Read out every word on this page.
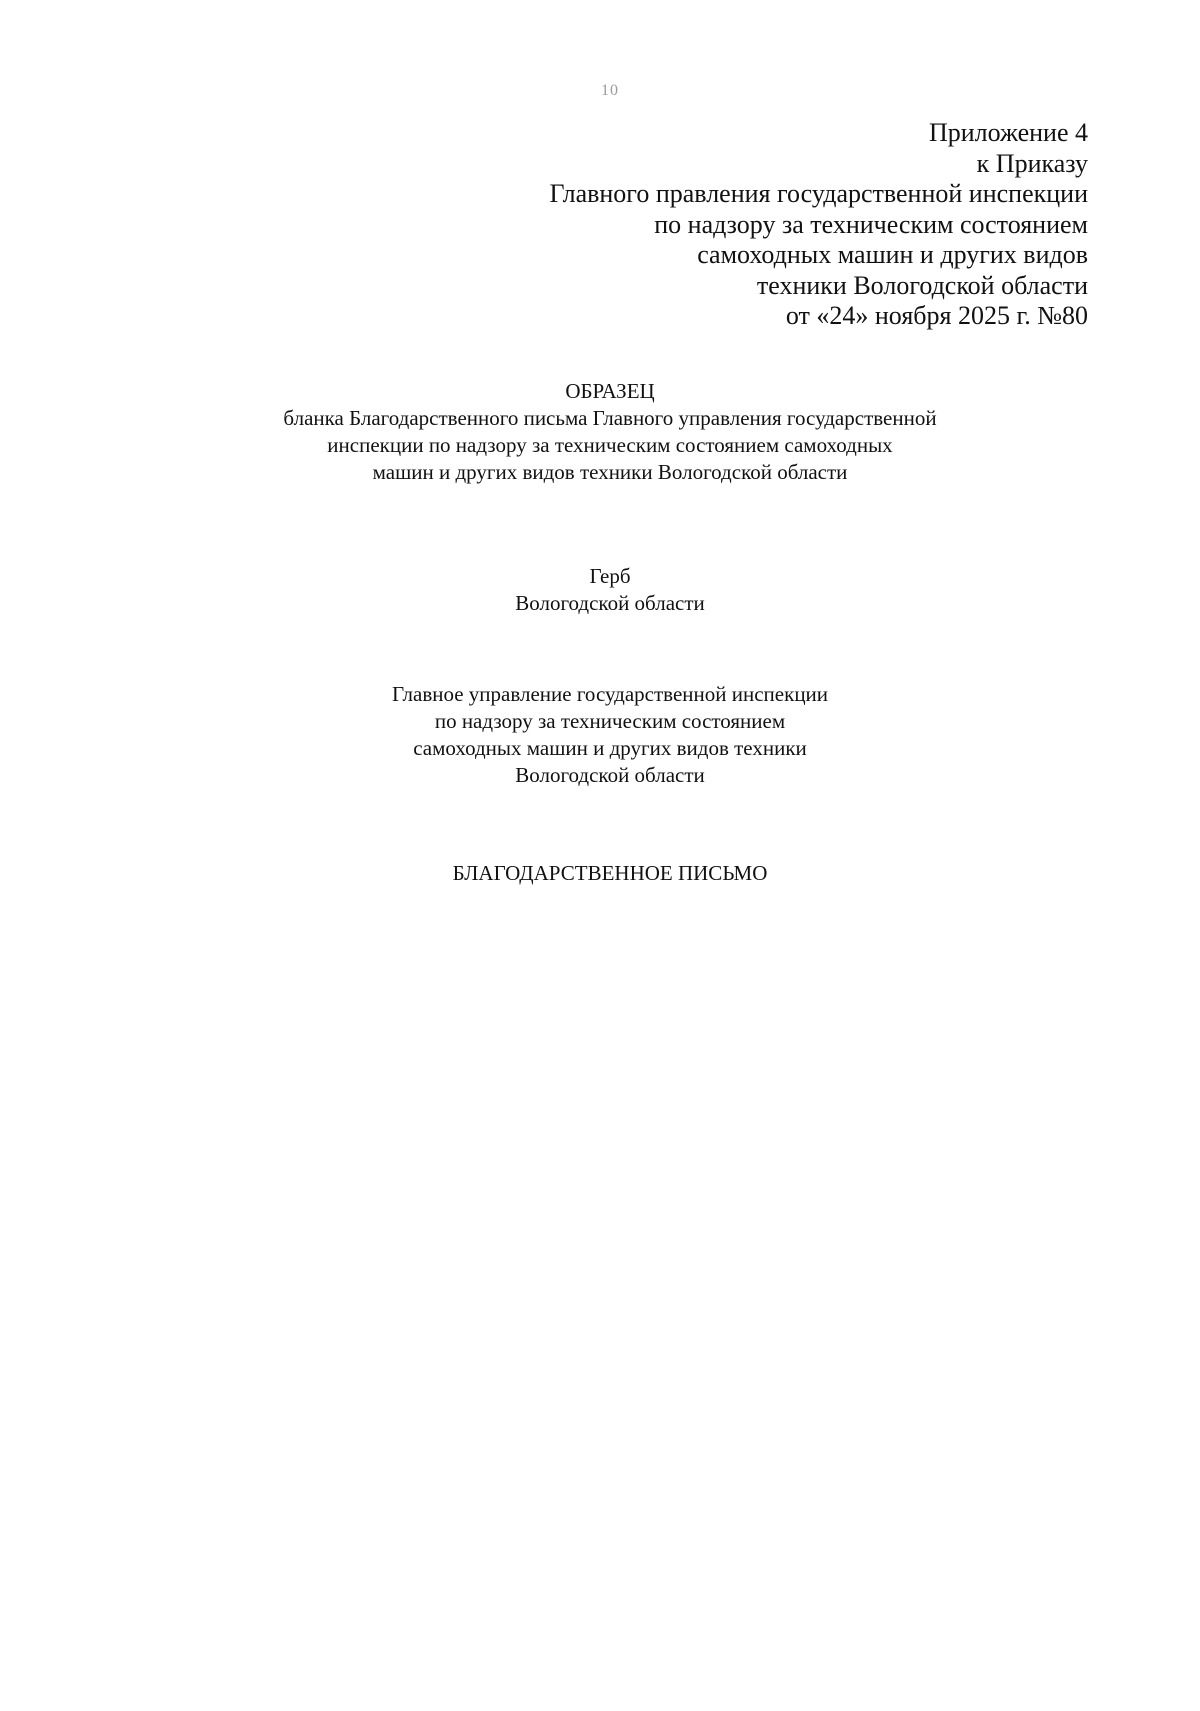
10
Приложение 4
к Приказу
Главного правления государственной инспекции
по надзору за техническим состоянием
самоходных машин и других видов
техники Вологодской области
от «24» ноября 2025 г. №80
ОБРАЗЕЦ
бланка Благодарственного письма Главного управления государственной
инспекции по надзору за техническим состоянием самоходных
машин и других видов техники Вологодской области
Герб
Вологодской области
Главное управление государственной инспекции
по надзору за техническим состоянием
самоходных машин и других видов техники
Вологодской области
БЛАГОДАРСТВЕННОЕ ПИСЬМО
